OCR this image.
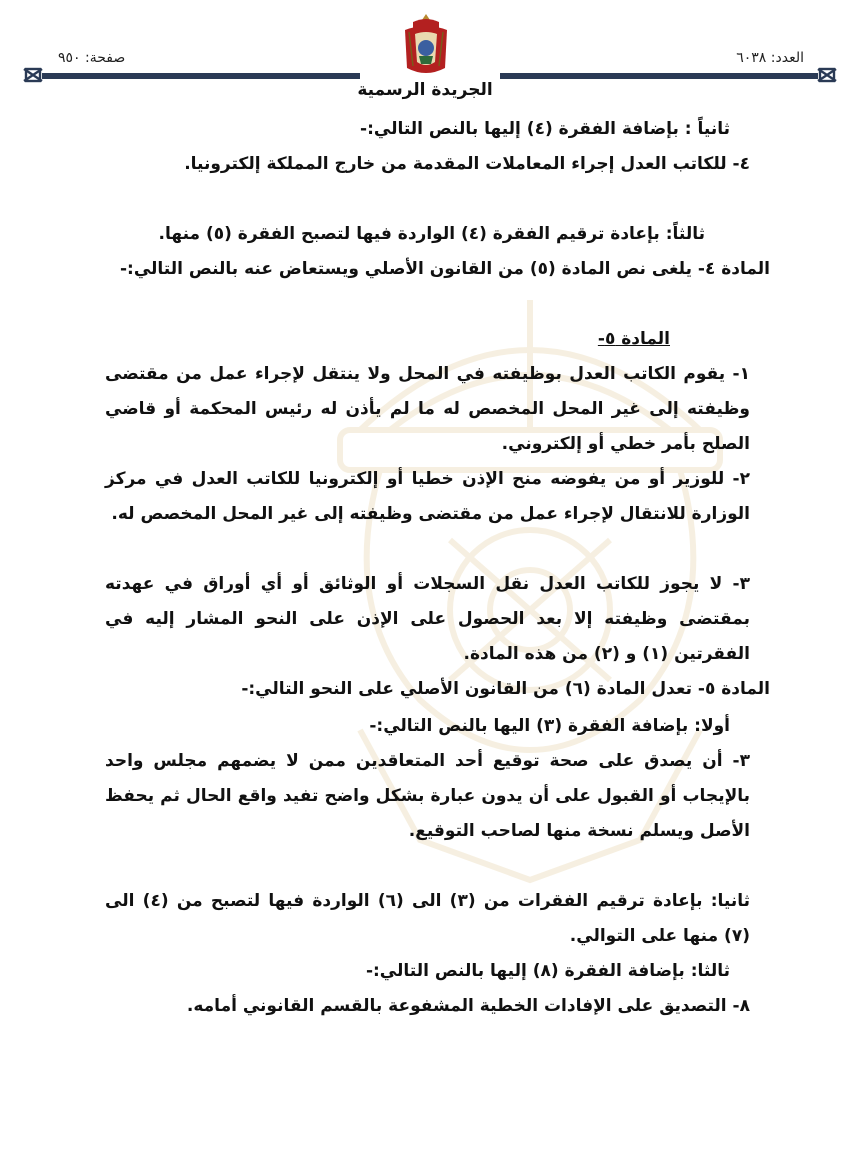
العدد: ٦٠٣٨
صفحة: ٩٥٠
الجريدة الرسمية

ثانياً : بإضافة الفقرة (٤) إليها بالنص التالي:-

٤- للكاتب العدل إجراء المعاملات المقدمة من خارج المملكة إلكترونيا.

ثالثاً: بإعادة ترقيم الفقرة (٤) الواردة فيها لتصبح الفقرة (٥) منها.

المادة ٤- يلغى نص المادة (٥) من القانون الأصلي ويستعاض عنه بالنص التالي:-

المادة ٥-

١- يقوم الكاتب العدل بوظيفته في المحل ولا ينتقل لإجراء عمل من مقتضى وظيفته إلى غير المحل المخصص له ما لم يأذن له رئيس المحكمة أو قاضي الصلح بأمر خطي أو إلكتروني.

٢- للوزير أو من يفوضه منح الإذن خطيا أو إلكترونيا للكاتب العدل في مركز الوزارة للانتقال لإجراء عمل من مقتضى وظيفته إلى غير المحل المخصص له.

٣- لا يجوز للكاتب العدل نقل السجلات أو الوثائق أو أي أوراق في عهدته بمقتضى وظيفته إلا بعد الحصول على الإذن على النحو المشار إليه في الفقرتين (١) و (٢) من هذه المادة.

المادة ٥- تعدل المادة (٦) من القانون الأصلي على النحو التالي:-

أولا: بإضافة الفقرة (٣) اليها بالنص التالي:-

٣- أن يصدق على صحة توقيع أحد المتعاقدين ممن لا يضمهم مجلس واحد بالإيجاب أو القبول على أن يدون عبارة بشكل واضح تفيد واقع الحال ثم يحفظ الأصل ويسلم نسخة منها لصاحب التوقيع.

ثانيا: بإعادة ترقيم الفقرات من (٣) الى (٦) الواردة فيها لتصبح من (٤) الى (٧) منها على التوالي.

ثالثا: بإضافة الفقرة (٨) إليها بالنص التالي:-

٨- التصديق على الإفادات الخطية المشفوعة بالقسم القانوني أمامه.
